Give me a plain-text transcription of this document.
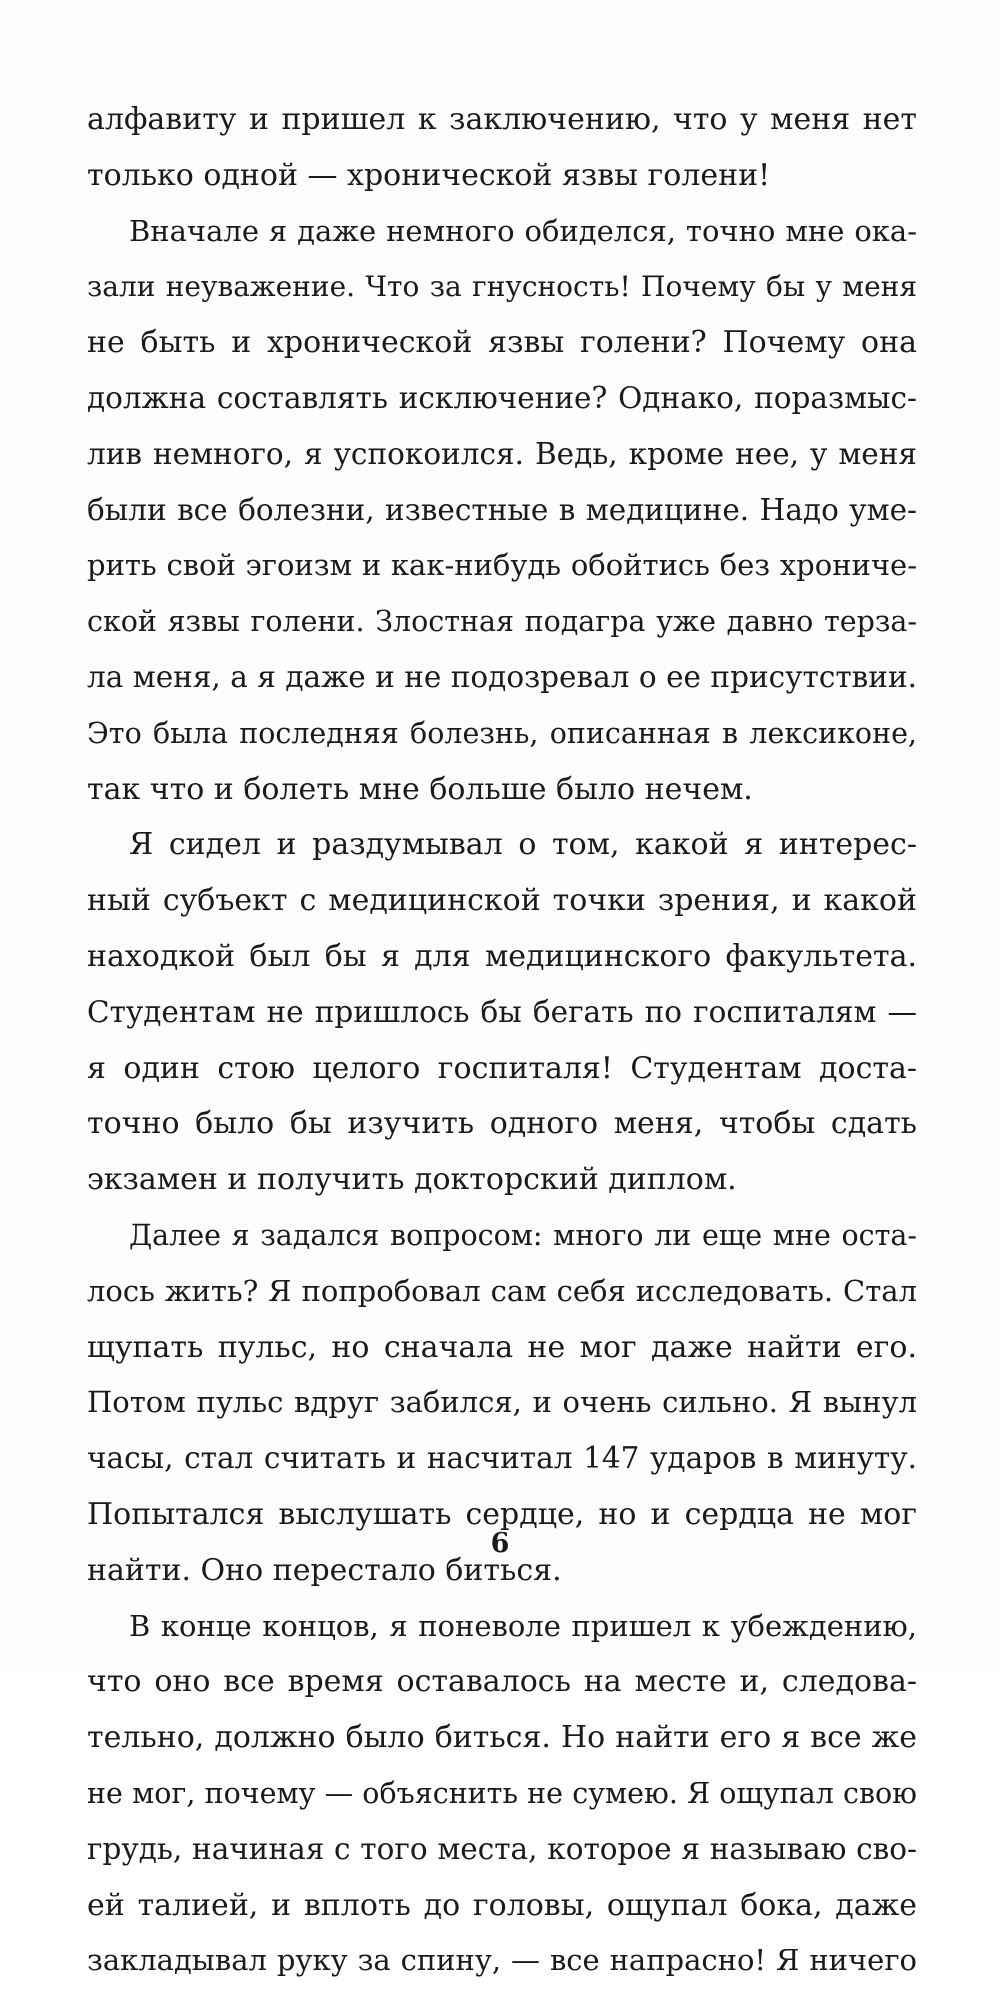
алфавиту и пришел к заключению, что у меня нет
только одной — хронической язвы голени!
Вначале я даже немного обиделся, точно мне ока-
зали неуважение. Что за гнусность! Почему бы у меня
не быть и хронической язвы голени? Почему она
должна составлять исключение? Однако, поразмыс-
лив немного, я успокоился. Ведь, кроме нее, у меня
были все болезни, известные в медицине. Надо уме-
рить свой эгоизм и как-нибудь обойтись без хрониче-
ской язвы голени. Злостная подагра уже давно терза-
ла меня, а я даже и не подозревал о ее присутствии.
Это была последняя болезнь, описанная в лексиконе,
так что и болеть мне больше было нечем.
Я сидел и раздумывал о том, какой я интерес-
ный субъект с медицинской точки зрения, и какой
находкой был бы я для медицинского факультета.
Студентам не пришлось бы бегать по госпиталям —
я один стою целого госпиталя! Студентам доста-
точно было бы изучить одного меня, чтобы сдать
экзамен и получить докторский диплом.
Далее я задался вопросом: много ли еще мне оста-
лось жить? Я попробовал сам себя исследовать. Стал
щупать пульс, но сначала не мог даже найти его.
Потом пульс вдруг забился, и очень сильно. Я вынул
часы, стал считать и насчитал 147 ударов в минуту.
Попытался выслушать сердце, но и сердца не мог
найти. Оно перестало биться.
В конце концов, я поневоле пришел к убеждению,
что оно все время оставалось на месте и, следова-
тельно, должно было биться. Но найти его я все же
не мог, почему — объяснить не сумею. Я ощупал свою
грудь, начиная с того места, которое я называю сво-
ей талией, и вплоть до головы, ощупал бока, даже
закладывал руку за спину, — все напрасно! Я ничего
6
